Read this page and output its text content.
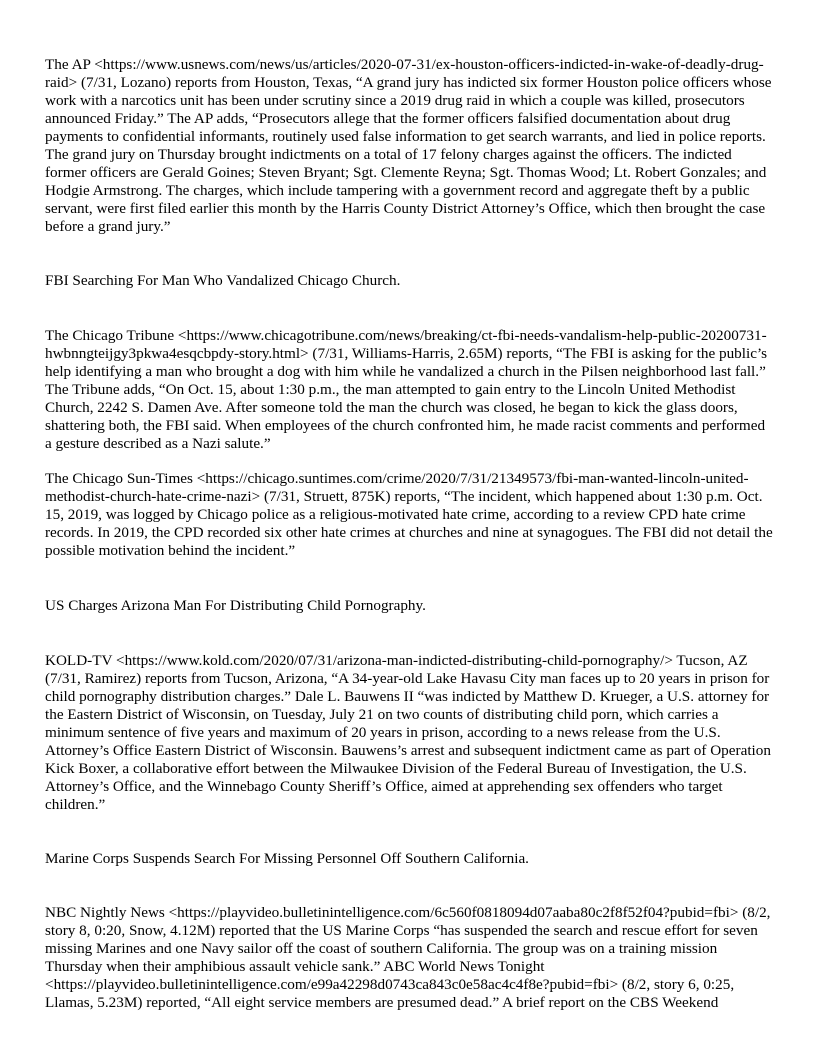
The AP <https://www.usnews.com/news/us/articles/2020-07-31/ex-houston-officers-indicted-in-wake-of-deadly-drug-raid> (7/31, Lozano) reports from Houston, Texas, “A grand jury has indicted six former Houston police officers whose work with a narcotics unit has been under scrutiny since a 2019 drug raid in which a couple was killed, prosecutors announced Friday.” The AP adds, “Prosecutors allege that the former officers falsified documentation about drug payments to confidential informants, routinely used false information to get search warrants, and lied in police reports. The grand jury on Thursday brought indictments on a total of 17 felony charges against the officers. The indicted former officers are Gerald Goines; Steven Bryant; Sgt. Clemente Reyna; Sgt. Thomas Wood; Lt. Robert Gonzales; and Hodgie Armstrong. The charges, which include tampering with a government record and aggregate theft by a public servant, were first filed earlier this month by the Harris County District Attorney’s Office, which then brought the case before a grand jury.”

FBI Searching For Man Who Vandalized Chicago Church.

The Chicago Tribune <https://www.chicagotribune.com/news/breaking/ct-fbi-needs-vandalism-help-public-20200731-hwbnngteijgy3pkwa4esqcbpdy-story.html> (7/31, Williams-Harris, 2.65M) reports, “The FBI is asking for the public’s help identifying a man who brought a dog with him while he vandalized a church in the Pilsen neighborhood last fall.” The Tribune adds, “On Oct. 15, about 1:30 p.m., the man attempted to gain entry to the Lincoln United Methodist Church, 2242 S. Damen Ave. After someone told the man the church was closed, he began to kick the glass doors, shattering both, the FBI said. When employees of the church confronted him, he made racist comments and performed a gesture described as a Nazi salute.”

The Chicago Sun-Times <https://chicago.suntimes.com/crime/2020/7/31/21349573/fbi-man-wanted-lincoln-united-methodist-church-hate-crime-nazi> (7/31, Struett, 875K) reports, “The incident, which happened about 1:30 p.m. Oct. 15, 2019, was logged by Chicago police as a religious-motivated hate crime, according to a review CPD hate crime records. In 2019, the CPD recorded six other hate crimes at churches and nine at synagogues. The FBI did not detail the possible motivation behind the incident.”

US Charges Arizona Man For Distributing Child Pornography.

KOLD-TV <https://www.kold.com/2020/07/31/arizona-man-indicted-distributing-child-pornography/> Tucson, AZ (7/31, Ramirez) reports from Tucson, Arizona, “A 34-year-old Lake Havasu City man faces up to 20 years in prison for child pornography distribution charges.” Dale L. Bauwens II “was indicted by Matthew D. Krueger, a U.S. attorney for the Eastern District of Wisconsin, on Tuesday, July 21 on two counts of distributing child porn, which carries a minimum sentence of five years and maximum of 20 years in prison, according to a news release from the U.S. Attorney’s Office Eastern District of Wisconsin. Bauwens’s arrest and subsequent indictment came as part of Operation Kick Boxer, a collaborative effort between the Milwaukee Division of the Federal Bureau of Investigation, the U.S. Attorney’s Office, and the Winnebago County Sheriff’s Office, aimed at apprehending sex offenders who target children.”

Marine Corps Suspends Search For Missing Personnel Off Southern California.

NBC Nightly News <https://playvideo.bulletinintelligence.com/6c560f0818094d07aaba80c2f8f52f04?pubid=fbi> (8/2, story 8, 0:20, Snow, 4.12M) reported that the US Marine Corps “has suspended the search and rescue effort for seven missing Marines and one Navy sailor off the coast of southern California. The group was on a training mission Thursday when their amphibious assault vehicle sank.” ABC World News Tonight <https://playvideo.bulletinintelligence.com/e99a42298d0743ca843c0e58ac4c4f8e?pubid=fbi> (8/2, story 6, 0:25, Llamas, 5.23M) reported, “All eight service members are presumed dead.” A brief report on the CBS Weekend
